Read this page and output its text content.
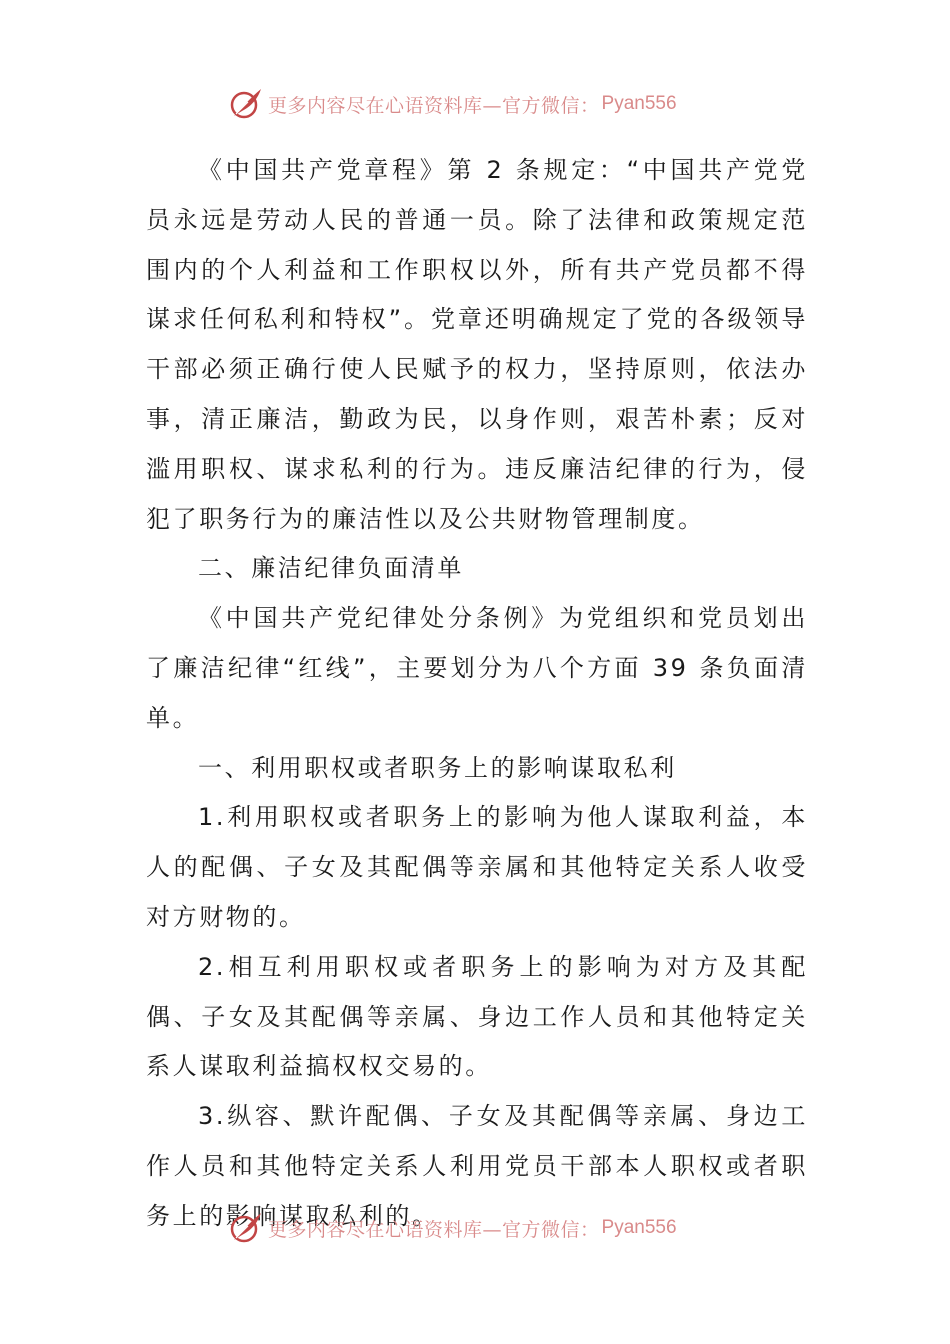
更多内容尽在心语资料库—官方微信： Pyan556

《中国共产党章程》第 2 条规定：“中国共产党党员永远是劳动人民的普通一员。除了法律和政策规定范围内的个人利益和工作职权以外，所有共产党员都不得谋求任何私利和特权”。党章还明确规定了党的各级领导干部必须正确行使人民赋予的权力，坚持原则，依法办事，清正廉洁，勤政为民，以身作则，艰苦朴素；反对滥用职权、谋求私利的行为。违反廉洁纪律的行为，侵犯了职务行为的廉洁性以及公共财物管理制度。

二、廉洁纪律负面清单

《中国共产党纪律处分条例》为党组织和党员划出了廉洁纪律“红线”，主要划分为八个方面 39 条负面清单。

一、利用职权或者职务上的影响谋取私利

1.利用职权或者职务上的影响为他人谋取利益，本人的配偶、子女及其配偶等亲属和其他特定关系人收受对方财物的。

2.相互利用职权或者职务上的影响为对方及其配偶、子女及其配偶等亲属、身边工作人员和其他特定关系人谋取利益搞权权交易的。

3.纵容、默许配偶、子女及其配偶等亲属、身边工作人员和其他特定关系人利用党员干部本人职权或者职务上的影响谋取私利的。

更多内容尽在心语资料库—官方微信： Pyan556
